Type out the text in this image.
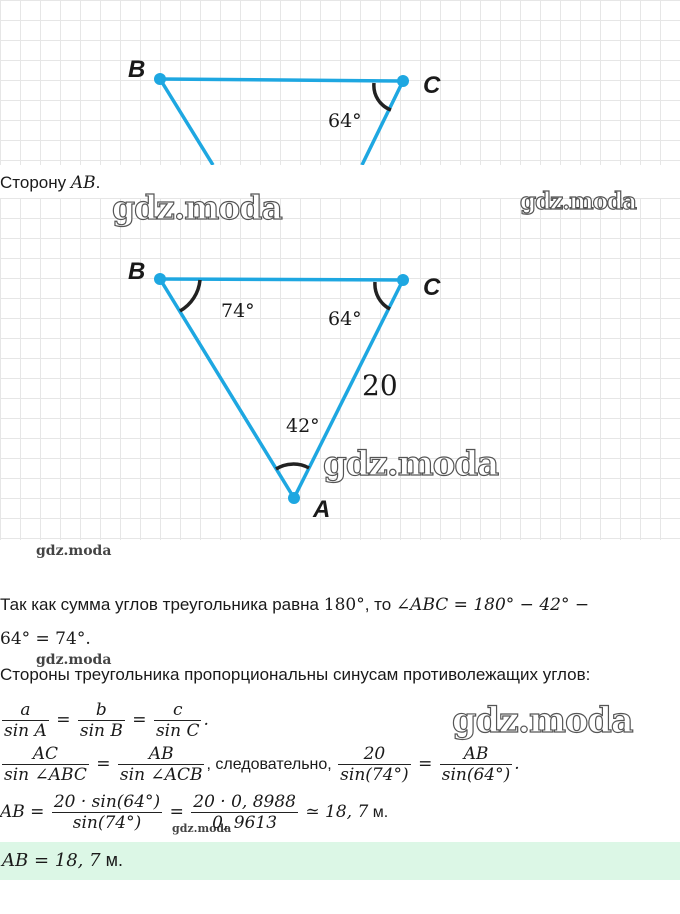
B
C
64°
Сторону AB.
B
C
A
74°	64°
42°
20
gdz.moda	gdz.moda
gdz.moda
gdz.moda
gdz.moda
gdz.moda
gdz.moda
Так как сумма углов треугольника равна 180°, то ∠ABC = 180° − 42° −
64° = 74°.
Стороны треугольника пропорциональны синусам противолежащих углов:
$\frac{a}{\text{sin A}} = \frac{b}{\text{sin B}} = \frac{c}{\text{sin C}}$ .
$\frac{AC}{\text{sin ∠ABC}} = \frac{AB}{\text{sin ∠ACB}}$ , следовательно, $\frac{20}{\sin(74^\circ)} = \frac{AB}{\sin(64^\circ)}$ .
AB = $\frac{20 \cdot \sin(64^\circ)}{\sin(74^\circ)} = \frac{20 \cdot 0, 8988}{0, 9613}$ ≃ 18, 7 м.
AB = 18, 7 м.
